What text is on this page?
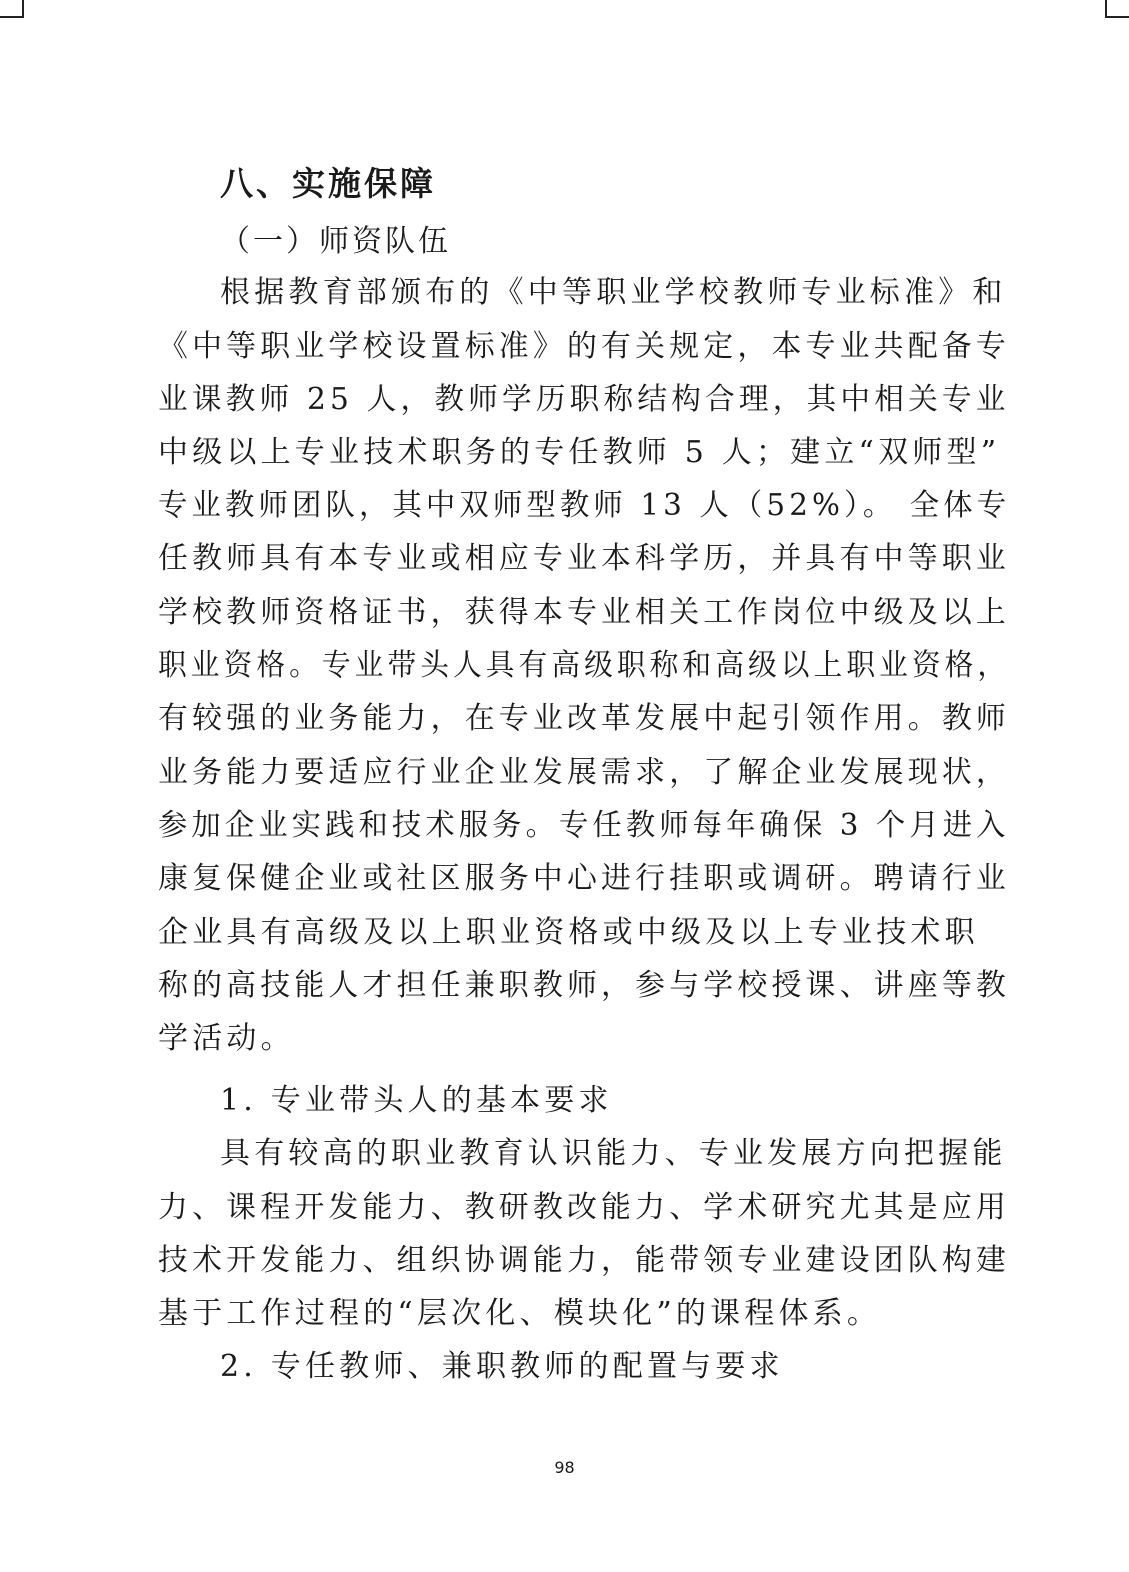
八、实施保障
（一）师资队伍
根据教育部颁布的《中等职业学校教师专业标准》和
《中等职业学校设置标准》的有关规定，本专业共配备专
业课教师 25 人，教师学历职称结构合理，其中相关专业
中级以上专业技术职务的专任教师 5 人；建立“双师型”
专业教师团队，其中双师型教师 13 人（52%）。 全体专
任教师具有本专业或相应专业本科学历，并具有中等职业
学校教师资格证书，获得本专业相关工作岗位中级及以上
职业资格。专业带头人具有高级职称和高级以上职业资格，
有较强的业务能力，在专业改革发展中起引领作用。教师
业务能力要适应行业企业发展需求，了解企业发展现状，
参加企业实践和技术服务。专任教师每年确保 3 个月进入
康复保健企业或社区服务中心进行挂职或调研。聘请行业
企业具有高级及以上职业资格或中级及以上专业技术职
称的高技能人才担任兼职教师，参与学校授课、讲座等教
学活动。
1. 专业带头人的基本要求
具有较高的职业教育认识能力、专业发展方向把握能
力、课程开发能力、教研教改能力、学术研究尤其是应用
技术开发能力、组织协调能力，能带领专业建设团队构建
基于工作过程的“层次化、模块化”的课程体系。
2. 专任教师、兼职教师的配置与要求
98
